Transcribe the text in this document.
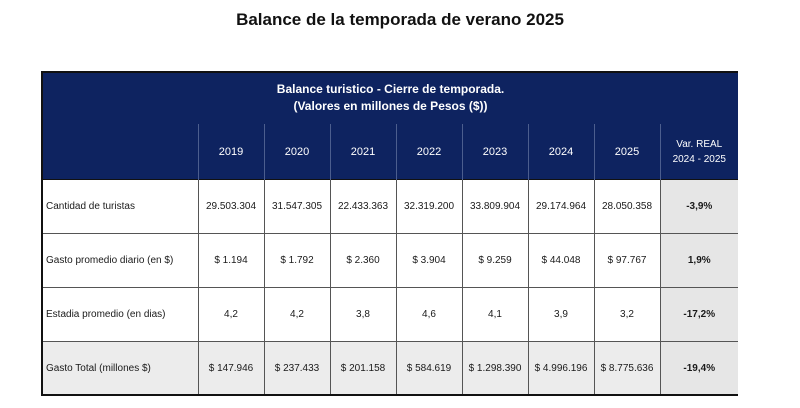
Balance de la temporada de verano 2025
Balance turistico - Cierre de temporada.
(Valores en millones de Pesos ($))								

	2019	2020	2021	2022	2023	2024	2025	Var. REAL
2024 - 2025

Cantidad de turistas	29.503.304	31.547.305	22.433.363	32.319.200	33.809.904	29.174.964	28.050.358	-3,9%
Gasto promedio diario (en $)	$ 1.194	$ 1.792	$ 2.360	$ 3.904	$ 9.259	$ 44.048	$ 97.767	1,9%
Estadia promedio (en dias)	4,2	4,2	3,8	4,6	4,1	3,9	3,2	-17,2%
Gasto Total (millones $)	$ 147.946	$ 237.433	$ 201.158	$ 584.619	$ 1.298.390	$ 4.996.196	$ 8.775.636	-19,4%
